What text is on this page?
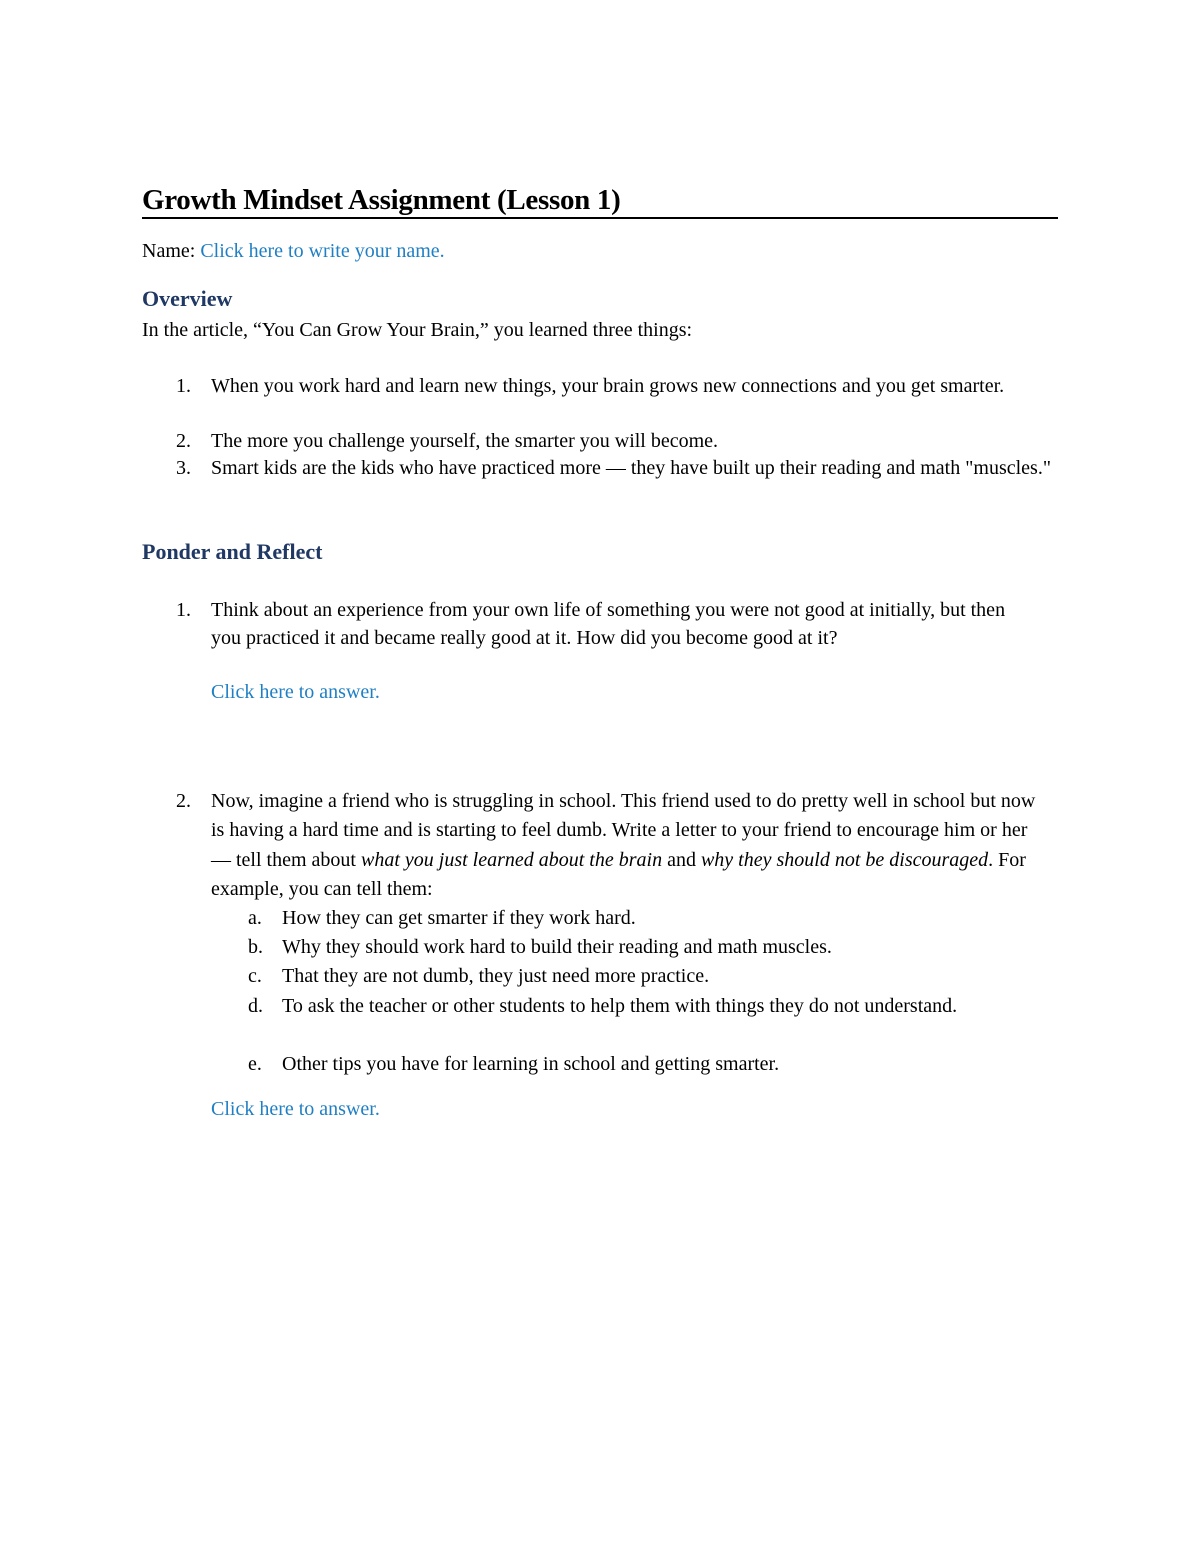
Growth Mindset Assignment (Lesson 1)
Name: Click here to write your name.
Overview
In the article, “You Can Grow Your Brain,” you learned three things:
1. When you work hard and learn new things, your brain grows new connections and you get smarter.
2. The more you challenge yourself, the smarter you will become.
3. Smart kids are the kids who have practiced more — they have built up their reading and math "muscles."
Ponder and Reflect
1. Think about an experience from your own life of something you were not good at initially, but then you practiced it and became really good at it. How did you become good at it?
Click here to answer.
2. Now, imagine a friend who is struggling in school. This friend used to do pretty well in school but now is having a hard time and is starting to feel dumb. Write a letter to your friend to encourage him or her — tell them about what you just learned about the brain and why they should not be discouraged. For example, you can tell them:
a. How they can get smarter if they work hard.
b. Why they should work hard to build their reading and math muscles.
c. That they are not dumb, they just need more practice.
d. To ask the teacher or other students to help them with things they do not understand.
e. Other tips you have for learning in school and getting smarter.
Click here to answer.
